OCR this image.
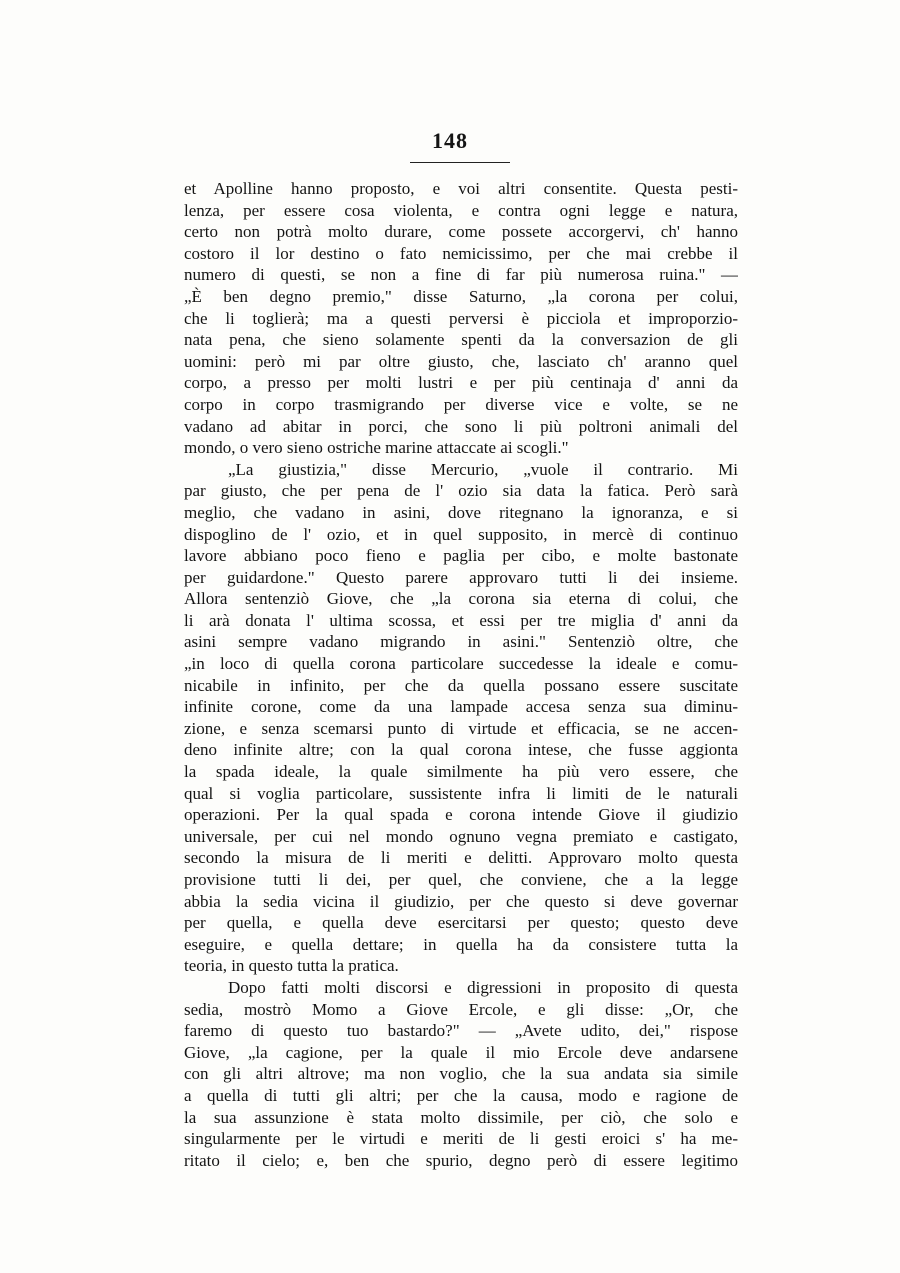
148
et Apolline hanno proposto, e voi altri consentite. Questa pesti-
lenza, per essere cosa violenta, e contra ogni legge e natura,
certo non potrà molto durare, come possete accorgervi, ch' hanno
costoro il lor destino o fato nemicissimo, per che mai crebbe il
numero di questi, se non a fine di far più numerosa ruina." —
„È ben degno premio," disse Saturno, „la corona per colui,
che li toglierà; ma a questi perversi è picciola et improporzio-
nata pena, che sieno solamente spenti da la conversazion de gli
uomini: però mi par oltre giusto, che, lasciato ch' aranno quel
corpo, a presso per molti lustri e per più centinaja d' anni da
corpo in corpo trasmigrando per diverse vice e volte, se ne
vadano ad abitar in porci, che sono li più poltroni animali del
mondo, o vero sieno ostriche marine attaccate ai scogli."
„La giustizia," disse Mercurio, „vuole il contrario. Mi
par giusto, che per pena de l' ozio sia data la fatica. Però sarà
meglio, che vadano in asini, dove ritegnano la ignoranza, e si
dispoglino de l' ozio, et in quel supposito, in mercè di continuo
lavore abbiano poco fieno e paglia per cibo, e molte bastonate
per guidardone." Questo parere approvaro tutti li dei insieme.
Allora sentenziò Giove, che „la corona sia eterna di colui, che
li arà donata l' ultima scossa, et essi per tre miglia d' anni da
asini sempre vadano migrando in asini." Sentenziò oltre, che
„in loco di quella corona particolare succedesse la ideale e comu-
nicabile in infinito, per che da quella possano essere suscitate
infinite corone, come da una lampade accesa senza sua diminu-
zione, e senza scemarsi punto di virtude et efficacia, se ne accen-
deno infinite altre; con la qual corona intese, che fusse aggionta
la spada ideale, la quale similmente ha più vero essere, che
qual si voglia particolare, sussistente infra li limiti de le naturali
operazioni. Per la qual spada e corona intende Giove il giudizio
universale, per cui nel mondo ognuno vegna premiato e castigato,
secondo la misura de li meriti e delitti. Approvaro molto questa
provisione tutti li dei, per quel, che conviene, che a la legge
abbia la sedia vicina il giudizio, per che questo si deve governar
per quella, e quella deve esercitarsi per questo; questo deve
eseguire, e quella dettare; in quella ha da consistere tutta la
teoria, in questo tutta la pratica.
Dopo fatti molti discorsi e digressioni in proposito di questa
sedia, mostrò Momo a Giove Ercole, e gli disse: „Or, che
faremo di questo tuo bastardo?" — „Avete udito, dei," rispose
Giove, „la cagione, per la quale il mio Ercole deve andarsene
con gli altri altrove; ma non voglio, che la sua andata sia simile
a quella di tutti gli altri; per che la causa, modo e ragione de
la sua assunzione è stata molto dissimile, per ciò, che solo e
singularmente per le virtudi e meriti de li gesti eroici s' ha me-
ritato il cielo; e, ben che spurio, degno però di essere legitimo
